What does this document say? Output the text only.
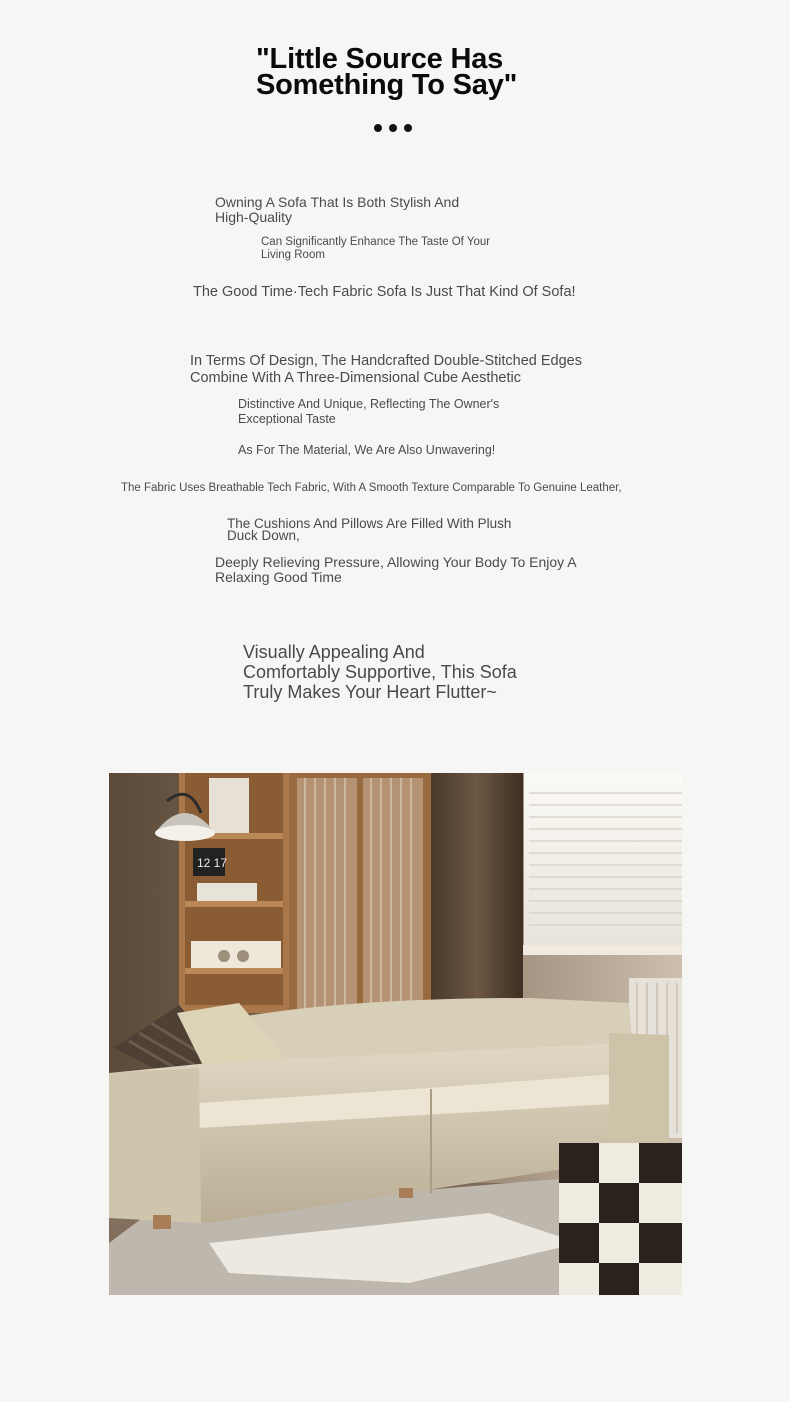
"Little Source Has
Something To Say"
Owning A Sofa That Is Both Stylish And
High-Quality
Can Significantly Enhance The Taste Of Your
Living Room
The Good Time·Tech Fabric Sofa Is Just That Kind Of Sofa!
In Terms Of Design, The Handcrafted Double-Stitched Edges
Combine With A Three-Dimensional Cube Aesthetic
Distinctive And Unique, Reflecting The Owner's
Exceptional Taste
As For The Material, We Are Also Unwavering!
The Fabric Uses Breathable Tech Fabric, With A Smooth Texture Comparable To Genuine Leather,
The Cushions And Pillows Are Filled With Plush
Duck Down,
Deeply Relieving Pressure, Allowing Your Body To Enjoy A
Relaxing Good Time
Visually Appealing And
Comfortably Supportive, This Sofa
Truly Makes Your Heart Flutter~
12 17
